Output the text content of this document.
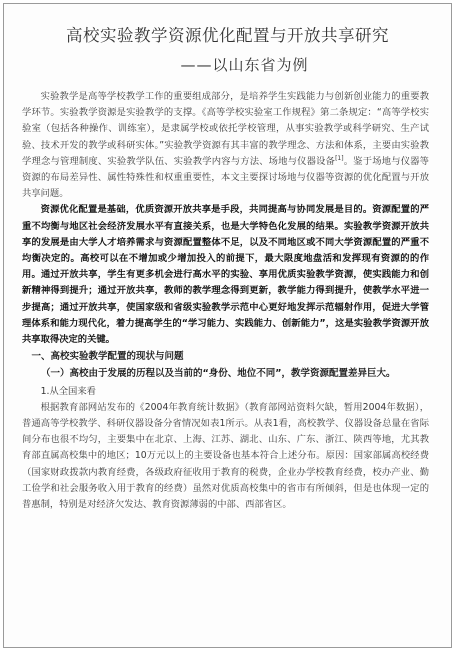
高校实验教学资源优化配置与开放共享研究
——以山东省为例

实验教学是高等学校教学工作的重要组成部分，是培养学生实践能力与创新创业能力的重要教学环节。实验教学资源是实验教学的支撑。《高等学校实验室工作规程》第二条规定：“高等学校实验室（包括各种操作、训练室），是隶属学校或依托学校管理，从事实验教学或科学研究、生产试验、技术开发的教学或科研实体。”实验教学资源有其丰富的教学理念、方法和体系，主要由实验教学理念与管理制度、实验教学队伍、实验教学内容与方法、场地与仪器设备[1]。鉴于场地与仪器等资源的布局差异性、属性特殊性和权重重要性，本文主要探讨场地与仪器等资源的优化配置与开放共享问题。

资源优化配置是基础，优质资源开放共享是手段，共同提高与协同发展是目的。资源配置的严重不均衡与地区社会经济发展水平有直接关系，也是大学特色化发展的结果。实验教学资源开放共享的发展是由大学人才培养需求与资源配置整体不足，以及不同地区或不同大学资源配置的严重不均衡决定的。高校可以在不增加或少增加投入的前提下，最大限度地盘活和发挥现有资源的的作用。通过开放共享，学生有更多机会进行高水平的实验、享用优质实验教学资源，使实践能力和创新精神得到提升；通过开放共享，教师的教学理念得到更新，教学能力得到提升，使教学水平进一步提高；通过开放共享，使国家级和省级实验教学示范中心更好地发挥示范辐射作用，促进大学管理体系和能力现代化，着力提高学生的“学习能力、实践能力、创新能力”，这是实验教学资源开放共享取得决定的关键。

一、高校实验教学配置的现状与问题
（一）高校由于发展的历程以及当前的“身份、地位不同”，教学资源配置差异巨大。
1.从全国来看

根据教育部网站发布的《2004年教育统计数据》（教育部网站资料欠缺，暂用2004年数据），普通高等学校教学、科研仪器设备分省情况如表1所示。从表1看，高校教学、仪器设备总量在省际间分布也很不均匀，主要集中在北京、上海、江苏、湖北、山东、广东、浙江、陕西等地，尤其教育部直属高校集中的地区；10万元以上的主要设备也基本符合上述分布。原因：国家部属高校经费（国家财政拨款内教育经费，各级政府征收用于教育的税费，企业办学校教育经费，校办产业、勤工俭学和社会服务收入用于教育的经费）虽然对优质高校集中的省市有所倾斜，但是也体现一定的普惠制，特别是对经济欠发达、教育资源薄弱的中部、西部省区。
